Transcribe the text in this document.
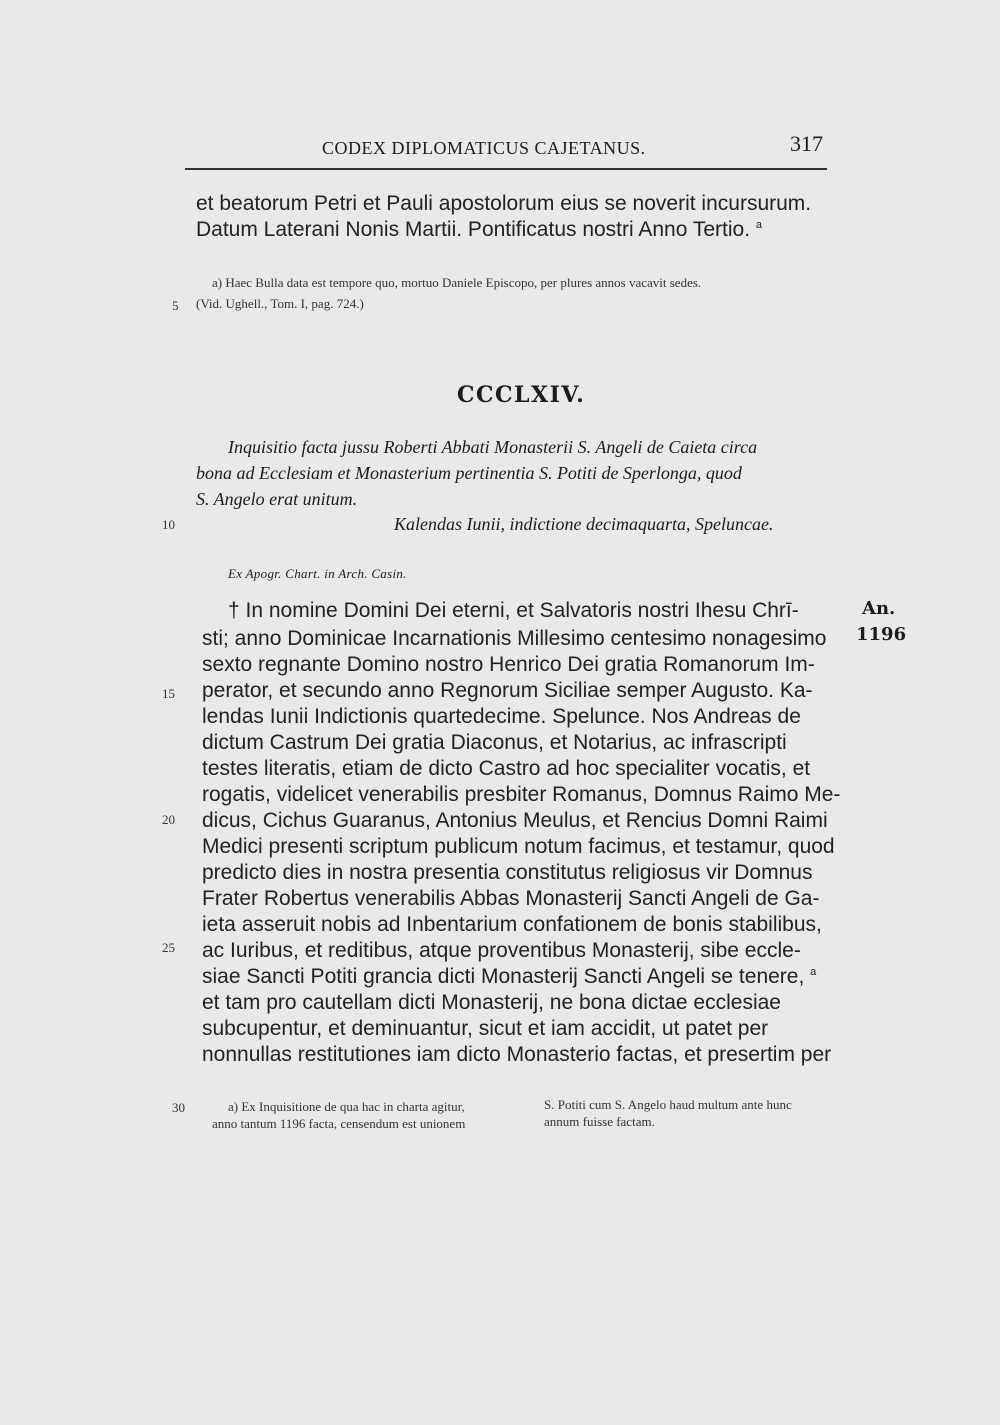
CODEX DIPLOMATICUS CAJETANUS.	317
et beatorum Petri et Pauli apostolorum eius se noverit incursurum.
Datum Laterani Nonis Martii. Pontificatus nostri Anno Tertio. $^a$
a) Haec Bulla data est tempore quo, mortuo Daniele Episcopo, per plures annos vacavit sedes.
(Vid. Ughell., Tom. I, pag. 724.)
5
10
15
20
25
30
CCCLXIV.
Inquisitio facta jussu Roberti Abbati Monasterii S. Angeli de Caieta circa
bona ad Ecclesiam et Monasterium pertinentia S. Potiti de Sperlonga, quod
S. Angelo erat unitum.
Kalendas Iunii, indictione decimaquarta, Speluncae.
Ex Apogr. Chart. in Arch. Casin.
An.
1196
† In nomine Domini Dei eterni, et Salvatoris nostri Ihesu Chrī-
sti; anno Dominicae Incarnationis Millesimo centesimo nonagesimo
sexto regnante Domino nostro Henrico Dei gratia Romanorum Im-
perator, et secundo anno Regnorum Siciliae semper Augusto. Ka-
lendas Iunii Indictionis quartedecime. Spelunce. Nos Andreas de
dictum Castrum Dei gratia Diaconus, et Notarius, ac infrascripti
testes literatis, etiam de dicto Castro ad hoc specialiter vocatis, et
rogatis, videlicet venerabilis presbiter Romanus, Domnus Raimo Me-
dicus, Cichus Guaranus, Antonius Meulus, et Rencius Domni Raimi
Medici presenti scriptum publicum notum facimus, et testamur, quod
predicto dies in nostra presentia constitutus religiosus vir Domnus
Frater Robertus venerabilis Abbas Monasterij Sancti Angeli de Ga-
ieta asseruit nobis ad Inbentarium confationem de bonis stabilibus,
ac Iuribus, et reditibus, atque proventibus Monasterij, sibe eccle-
siae Sancti Potiti grancia dicti Monasterij Sancti Angeli se tenere, $^a$
et tam pro cautellam dicti Monasterij, ne bona dictae ecclesiae
subcupentur, et deminuantur, sicut et iam accidit, ut patet per
nonnullas restitutiones iam dicto Monasterio factas, et presertim per
a) Ex Inquisitione de qua hac in charta agitur,
anno tantum 1196 facta, censendum est unionem
S. Potiti cum S. Angelo haud multum ante hunc
annum fuisse factam.
